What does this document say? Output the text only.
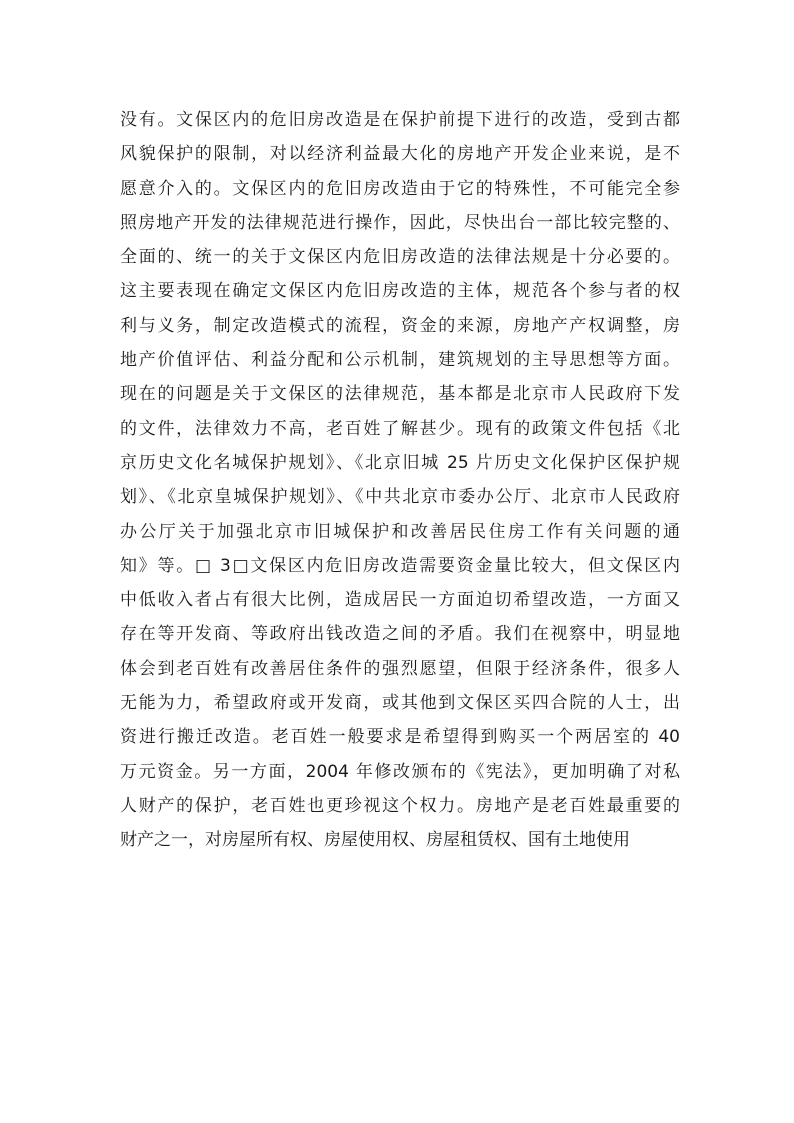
没有。文保区内的危旧房改造是在保护前提下进行的改造，受到古都
风貌保护的限制，对以经济利益最大化的房地产开发企业来说，是不
愿意介入的。文保区内的危旧房改造由于它的特殊性，不可能完全参
照房地产开发的法律规范进行操作，因此，尽快出台一部比较完整的、
全面的、统一的关于文保区内危旧房改造的法律法规是十分必要的。
这主要表现在确定文保区内危旧房改造的主体，规范各个参与者的权
利与义务，制定改造模式的流程，资金的来源，房地产产权调整，房
地产价值评估、利益分配和公示机制，建筑规划的主导思想等方面。
现在的问题是关于文保区的法律规范，基本都是北京市人民政府下发
的文件，法律效力不高，老百姓了解甚少。现有的政策文件包括《北
京历史文化名城保护规划》、《北京旧城 25 片历史文化保护区保护规
划》、《北京皇城保护规划》、《中共北京市委办公厅、北京市人民政府
办公厅关于加强北京市旧城保护和改善居民住房工作有关问题的通
知》等。□ 3□文保区内危旧房改造需要资金量比较大，但文保区内
中低收入者占有很大比例，造成居民一方面迫切希望改造，一方面又
存在等开发商、等政府出钱改造之间的矛盾。我们在视察中，明显地
体会到老百姓有改善居住条件的强烈愿望，但限于经济条件，很多人
无能为力，希望政府或开发商，或其他到文保区买四合院的人士，出
资进行搬迁改造。老百姓一般要求是希望得到购买一个两居室的 40
万元资金。另一方面，2004 年修改颁布的《宪法》，更加明确了对私
人财产的保护，老百姓也更珍视这个权力。房地产是老百姓最重要的
财产之一，对房屋所有权、房屋使用权、房屋租赁权、国有土地使用
